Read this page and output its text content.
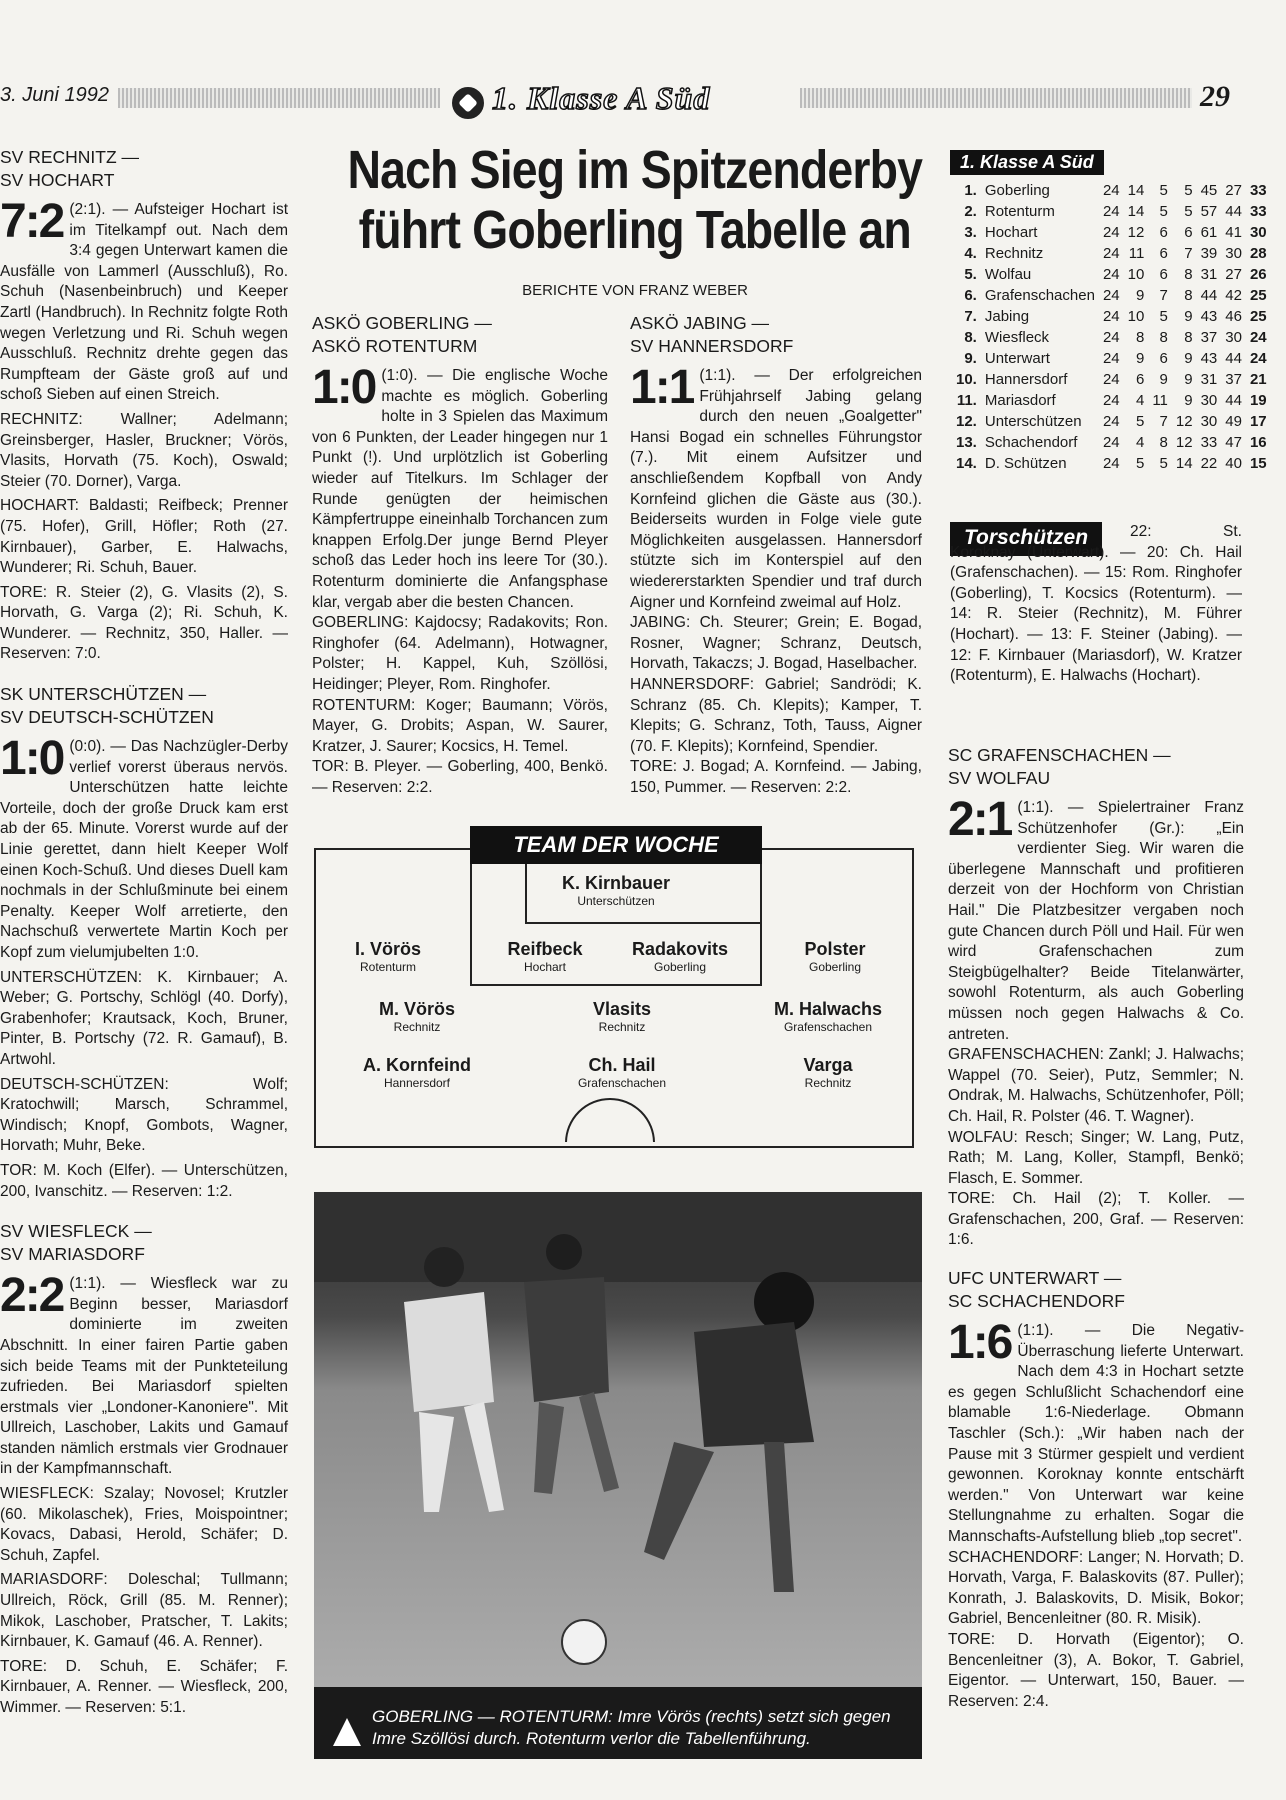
3. Juni 1992	1. Klasse A Süd	29

SV RECHNITZ —

SV HOCHART

7:2 (2:1). — Aufsteiger Hochart ist im Titelkampf out. Nach dem 3:4 gegen Unterwart kamen die Ausfälle von Lammerl (Ausschluß), Ro. Schuh (Nasenbeinbruch) und Keeper Zartl (Handbruch). In Rechnitz folgte Roth wegen Verletzung und Ri. Schuh wegen Ausschluß. Rechnitz drehte gegen das Rumpfteam der Gäste groß auf und schoß Sieben auf einen Streich.

RECHNITZ: Wallner; Adelmann; Greinsberger, Hasler, Bruckner; Vörös, Vlasits, Horvath (75. Koch), Oswald; Steier (70. Dorner), Varga.

HOCHART: Baldasti; Reifbeck; Prenner (75. Hofer), Grill, Höfler; Roth (27. Kirnbauer), Garber, E. Halwachs, Wunderer; Ri. Schuh, Bauer.

TORE: R. Steier (2), G. Vlasits (2), S. Horvath, G. Varga (2); Ri. Schuh, K. Wunderer. — Rechnitz, 350, Haller. — Reserven: 7:0.

SK UNTERSCHÜTZEN —

SV DEUTSCH-SCHÜTZEN

1:0 (0:0). — Das Nachzügler-Derby verlief vorerst überaus nervös. Unterschützen hatte leichte Vorteile, doch der große Druck kam erst ab der 65. Minute. Vorerst wurde auf der Linie gerettet, dann hielt Keeper Wolf einen Koch-Schuß. Und dieses Duell kam nochmals in der Schlußminute bei einem Penalty. Keeper Wolf arretierte, den Nachschuß verwertete Martin Koch per Kopf zum vielumjubelten 1:0.

UNTERSCHÜTZEN: K. Kirnbauer; A. Weber; G. Portschy, Schlögl (40. Dorfy), Grabenhofer; Krautsack, Koch, Bruner, Pinter, B. Portschy (72. R. Gamauf), B. Artwohl.

DEUTSCH-SCHÜTZEN: Wolf; Kratochwill; Marsch, Schrammel, Windisch; Knopf, Gombots, Wagner, Horvath; Muhr, Beke.

TOR: M. Koch (Elfer). — Unterschützen, 200, Ivanschitz. — Reserven: 1:2.

SV WIESFLECK —

SV MARIASDORF

2:2 (1:1). — Wiesfleck war zu Beginn besser, Mariasdorf dominierte im zweiten Abschnitt. In einer fairen Partie gaben sich beide Teams mit der Punkteteilung zufrieden. Bei Mariasdorf spielten erstmals vier „Londoner-Kanoniere". Mit Ullreich, Laschober, Lakits und Gamauf standen nämlich erstmals vier Grodnauer in der Kampfmannschaft.

WIESFLECK: Szalay; Novosel; Krutzler (60. Mikolaschek), Fries, Moispointner; Kovacs, Dabasi, Herold, Schäfer; D. Schuh, Zapfel.

MARIASDORF: Doleschal; Tullmann; Ullreich, Röck, Grill (85. M. Renner); Mikok, Laschober, Pratscher, T. Lakits; Kirnbauer, K. Gamauf (46. A. Renner).

TORE: D. Schuh, E. Schäfer; F. Kirnbauer, A. Renner. — Wiesfleck, 200, Wimmer. — Reserven: 5:1.

Nach Sieg im Spitzenderby
führt Goberling Tabelle an
BERICHTE VON FRANZ WEBER

ASKÖ GOBERLING —

ASKÖ ROTENTURM

1:0 (1:0). — Die englische Woche machte es möglich. Goberling holte in 3 Spielen das Maximum von 6 Punkten, der Leader hingegen nur 1 Punkt (!). Und urplötzlich ist Goberling wieder auf Titelkurs. Im Schlager der Runde genügten der heimischen Kämpfertruppe eineinhalb Torchancen zum knappen Erfolg.Der junge Bernd Pleyer schoß das Leder hoch ins leere Tor (30.). Rotenturm dominierte die Anfangsphase klar, vergab aber die besten Chancen.

GOBERLING: Kajdocsy; Radakovits; Ron. Ringhofer (64. Adelmann), Hotwagner, Polster; H. Kappel, Kuh, Szöllösi, Heidinger; Pleyer, Rom. Ringhofer.

ROTENTURM: Koger; Baumann; Vörös, Mayer, G. Drobits; Aspan, W. Saurer, Kratzer, J. Saurer; Kocsics, H. Temel.

TOR: B. Pleyer. — Goberling, 400, Benkö. — Reserven: 2:2.

ASKÖ JABING —

SV HANNERSDORF

1:1 (1:1). — Der erfolgreichen Frühjahrself Jabing gelang durch den neuen „Goalgetter" Hansi Bogad ein schnelles Führungstor (7.). Mit einem Aufsitzer und anschließendem Kopfball von Andy Kornfeind glichen die Gäste aus (30.). Beiderseits wurden in Folge viele gute Möglichkeiten ausgelassen. Hannersdorf stützte sich im Konterspiel auf den wiedererstarkten Spendier und traf durch Aigner und Kornfeind zweimal auf Holz.

JABING: Ch. Steurer; Grein; E. Bogad, Rosner, Wagner; Schranz, Deutsch, Horvath, Takaczs; J. Bogad, Haselbacher.

HANNERSDORF: Gabriel; Sandrödi; K. Schranz (85. Ch. Klepits); Kamper, T. Klepits; G. Schranz, Toth, Tauss, Aigner (70. F. Klepits); Kornfeind, Spendier.

TORE: J. Bogad; A. Kornfeind. — Jabing, 150, Pummer. — Reserven: 2:2.

1. Klasse A Süd
1.	Goberling	24	14	5	5	45	27	33
2.	Rotenturm	24	14	5	5	57	44	33
3.	Hochart	24	12	6	6	61	41	30
4.	Rechnitz	24	11	6	7	39	30	28
5.	Wolfau	24	10	6	8	31	27	26
6.	Grafenschachen	24	9	7	8	44	42	25
7.	Jabing	24	10	5	9	43	46	25
8.	Wiesfleck	24	8	8	8	37	30	24
9.	Unterwart	24	9	6	9	43	44	24
10.	Hannersdorf	24	6	9	9	31	37	21
11.	Mariasdorf	24	4	11	9	30	44	19
12.	Unterschützen	24	5	7	12	30	49	17
13.	Schachendorf	24	4	8	12	33	47	16
14.	D. Schützen	24	5	5	14	22	40	15
Torschützen	22: St. Koroknay (Unterwart). — 20: Ch. Hail (Grafenschachen). — 15: Rom. Ringhofer (Goberling), T. Kocsics (Rotenturm). — 14: R. Steier (Rechnitz), M. Führer (Hochart). — 13: F. Steiner (Jabing). — 12: F. Kirnbauer (Mariasdorf), W. Kratzer (Rotenturm), E. Halwachs (Hochart).

SC GRAFENSCHACHEN —

SV WOLFAU

2:1 (1:1). — Spielertrainer Franz Schützenhofer (Gr.): „Ein verdienter Sieg. Wir waren die überlegene Mannschaft und profitieren derzeit von der Hochform von Christian Hail." Die Platzbesitzer vergaben noch gute Chancen durch Pöll und Hail. Für wen wird Grafenschachen zum Steigbügelhalter? Beide Titelanwärter, sowohl Rotenturm, als auch Goberling müssen noch gegen Halwachs & Co. antreten.

GRAFENSCHACHEN: Zankl; J. Halwachs; Wappel (70. Seier), Putz, Semmler; N. Ondrak, M. Halwachs, Schützenhofer, Pöll; Ch. Hail, R. Polster (46. T. Wagner).

WOLFAU: Resch; Singer; W. Lang, Putz, Rath; M. Lang, Koller, Stampfl, Benkö; Flasch, E. Sommer.

TORE: Ch. Hail (2); T. Koller. — Grafenschachen, 200, Graf. — Reserven: 1:6.

UFC UNTERWART —

SC SCHACHENDORF

1:6 (1:1). — Die Negativ-Überraschung lieferte Unterwart. Nach dem 4:3 in Hochart setzte es gegen Schlußlicht Schachendorf eine blamable 1:6-Niederlage. Obmann Taschler (Sch.): „Wir haben nach der Pause mit 3 Stürmer gespielt und verdient gewonnen. Koroknay konnte entschärft werden." Von Unterwart war keine Stellungnahme zu erhalten. Sogar die Mannschafts-Aufstellung blieb „top secret".

SCHACHENDORF: Langer; N. Horvath; D. Horvath, Varga, F. Balaskovits (87. Puller); Konrath, J. Balaskovits, D. Misik, Bokor; Gabriel, Bencenleitner (80. R. Misik).

TORE: D. Horvath (Eigentor); O. Bencenleitner (3), A. Bokor, T. Gabriel, Eigentor. — Unterwart, 150, Bauer. — Reserven: 2:4.

TEAM DER WOCHE
K. Kirnbauer
Unterschützen
I. Vörös
Rotenturm
Reifbeck
Hochart
Radakovits
Goberling
Polster
Goberling
M. Vörös
Rechnitz
Vlasits
Rechnitz
M. Halwachs
Grafenschachen
A. Kornfeind
Hannersdorf
Ch. Hail
Grafenschachen
Varga
Rechnitz
GOBERLING — ROTENTURM: Imre Vörös (rechts) setzt sich gegen Imre Szöllösi durch. Rotenturm verlor die Tabellenführung.
